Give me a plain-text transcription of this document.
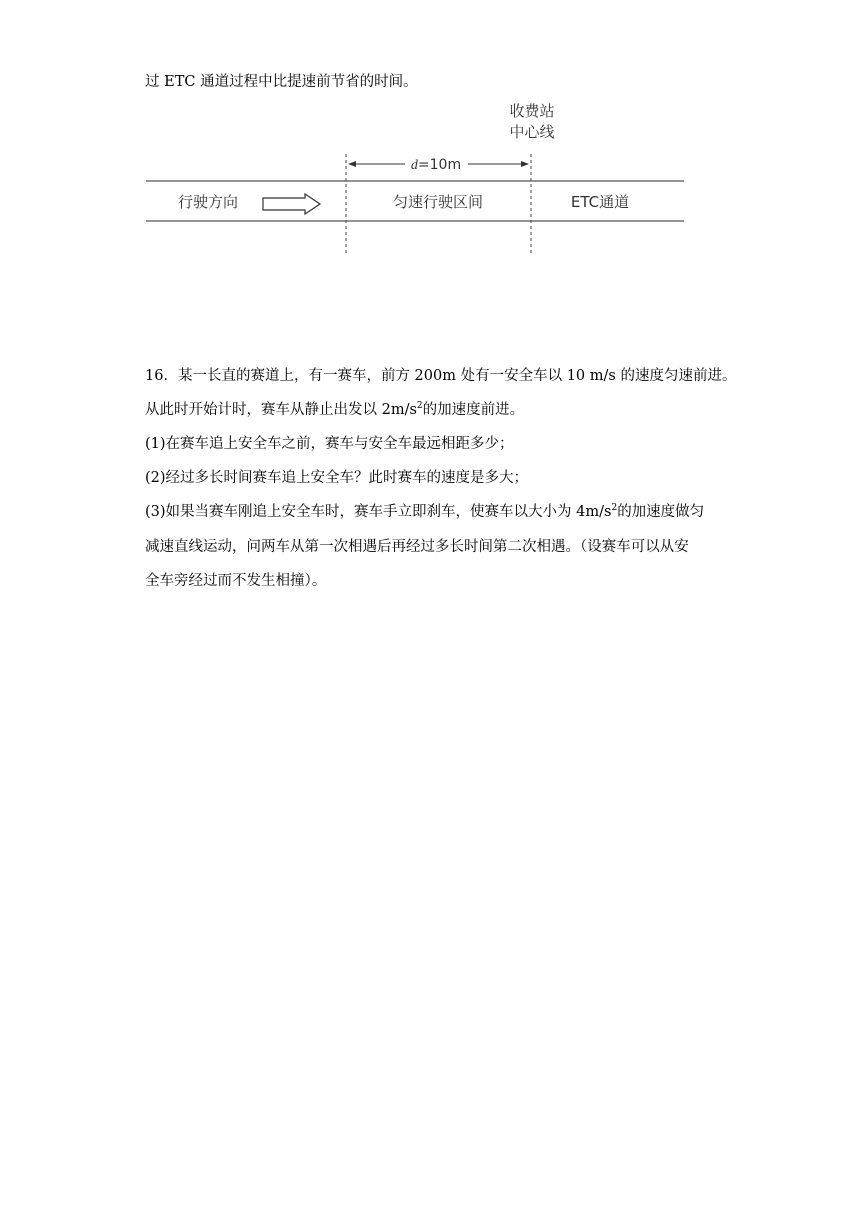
过 ETC 通道过程中比提速前节省的时间。
收费站
中心线
d=10m
行驶方向	匀速行驶区间	ETC通道
16．某一长直的赛道上，有一赛车，前方 200m 处有一安全车以 10 m/s 的速度匀速前进。
从此时开始计时，赛车从静止出发以 $2m/s^2$的加速度前进。
(1)在赛车追上安全车之前，赛车与安全车最远相距多少；
(2)经过多长时间赛车追上安全车？此时赛车的速度是多大；
(3)如果当赛车刚追上安全车时，赛车手立即刹车，使赛车以大小为 $4m/s^2$的加速度做匀
减速直线运动，问两车从第一次相遇后再经过多长时间第二次相遇。（设赛车可以从安
全车旁经过而不发生相撞）。
